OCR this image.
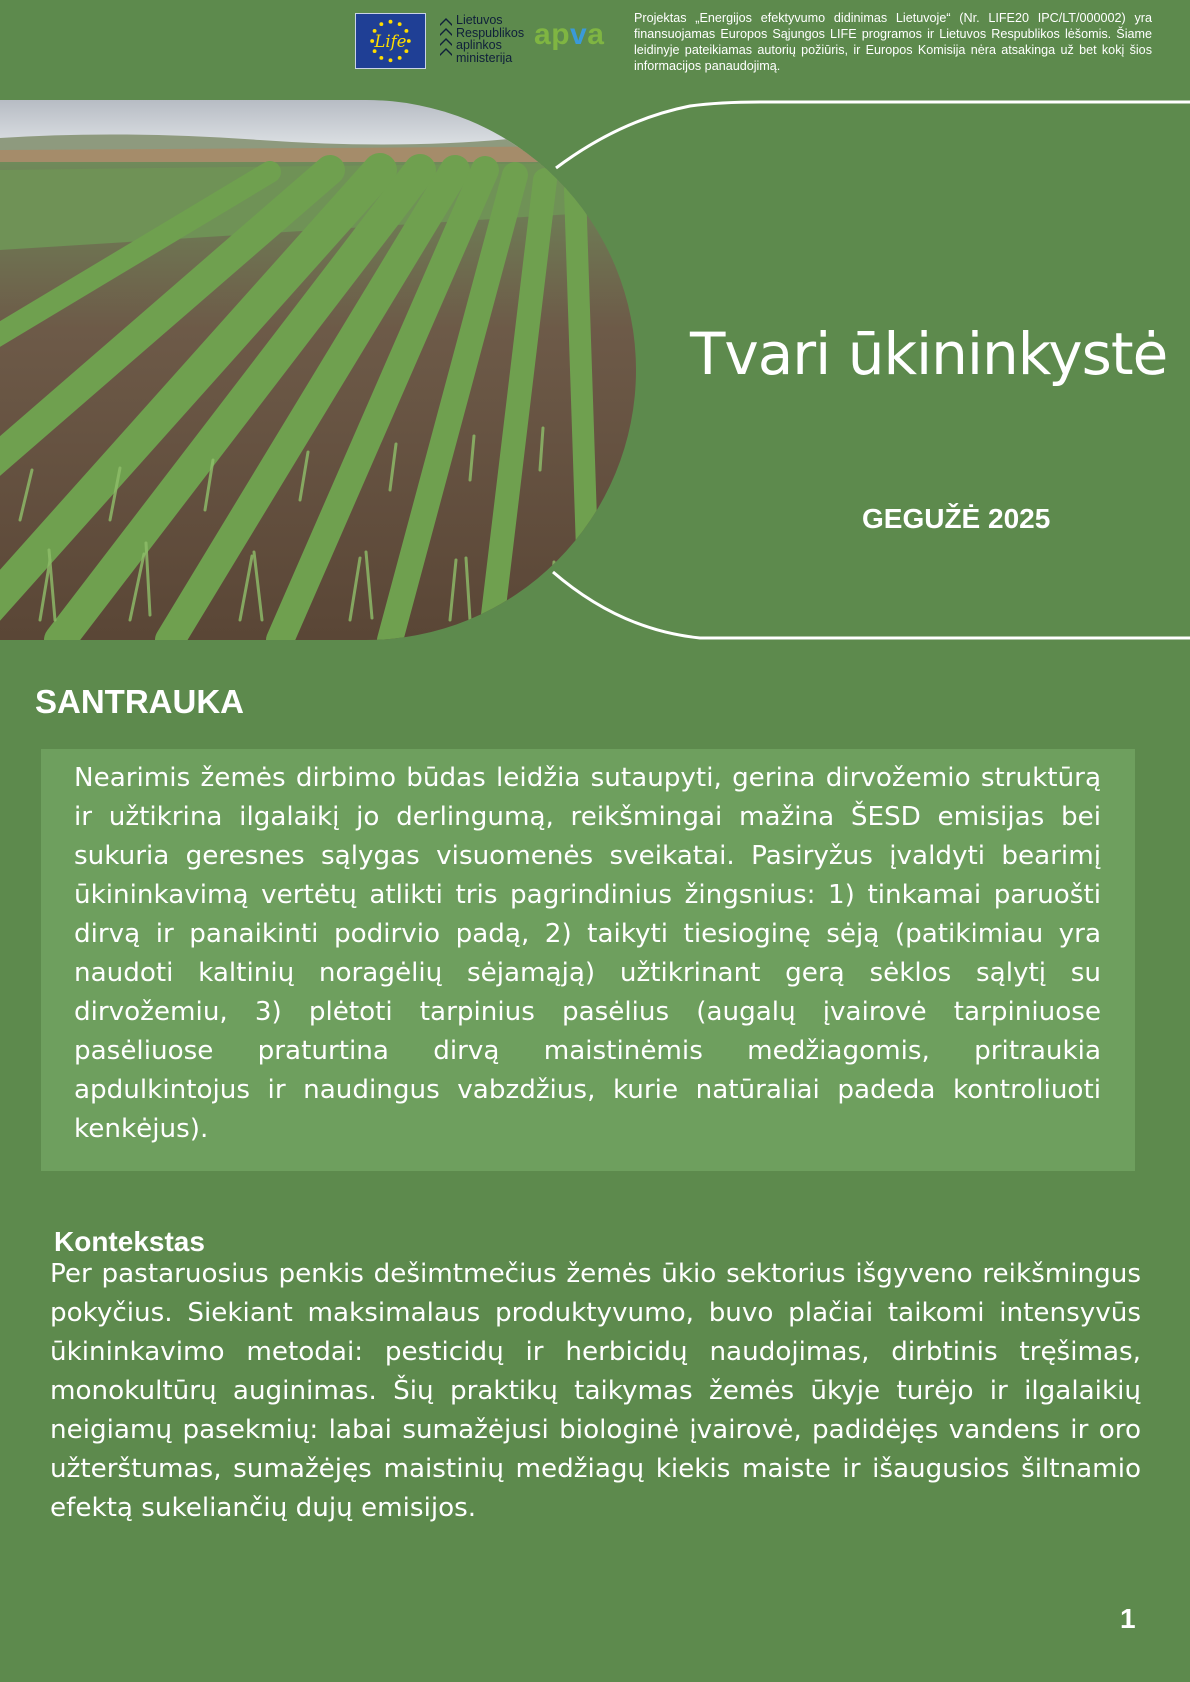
Life
Lietuvos
Respublikos
aplinkos
ministerija
apva Projektas „Energijos efektyvumo didinimas Lietuvoje“ (Nr. LIFE20 IPC/LT/000002) yra finansuojamas Europos Sąjungos LIFE programos ir Lietuvos Respublikos lėšomis. Šiame leidinyje pateikiamas autorių požiūris, ir Europos Komisija nėra atsakinga už bet kokį šios informacijos panaudojimą.
Tvari ūkininkystė
GEGUŽĖ 2025
SANTRAUKA

Nearimis žemės dirbimo būdas leidžia sutaupyti, gerina dirvožemio struktūrą ir užtikrina ilgalaikį jo derlingumą, reikšmingai mažina ŠESD emisijas bei sukuria geresnes sąlygas visuomenės sveikatai. Pasiryžus įvaldyti bearimį ūkininkavimą vertėtų atlikti tris pagrindinius žingsnius: 1) tinkamai paruošti dirvą ir panaikinti podirvio padą, 2) taikyti tiesioginę sėją (patikimiau yra naudoti kaltinių noragėlių sėjamąją) užtikrinant gerą sėklos sąlytį su dirvožemiu, 3) plėtoti tarpinius pasėlius (augalų įvairovė tarpiniuose pasėliuose praturtina dirvą maistinėmis medžiagomis, pritraukia apdulkintojus ir naudingus vabzdžius, kurie natūraliai padeda kontroliuoti kenkėjus).

Kontekstas

Per pastaruosius penkis dešimtmečius žemės ūkio sektorius išgyveno reikšmingus pokyčius. Siekiant maksimalaus produktyvumo, buvo plačiai taikomi intensyvūs ūkininkavimo metodai: pesticidų ir herbicidų naudojimas, dirbtinis tręšimas, monokultūrų auginimas. Šių praktikų taikymas žemės ūkyje turėjo ir ilgalaikių neigiamų pasekmių: labai sumažėjusi biologinė įvairovė, padidėjęs vandens ir oro užterštumas, sumažėjęs maistinių medžiagų kiekis maiste ir išaugusios šiltnamio efektą sukeliančių dujų emisijos.

1
